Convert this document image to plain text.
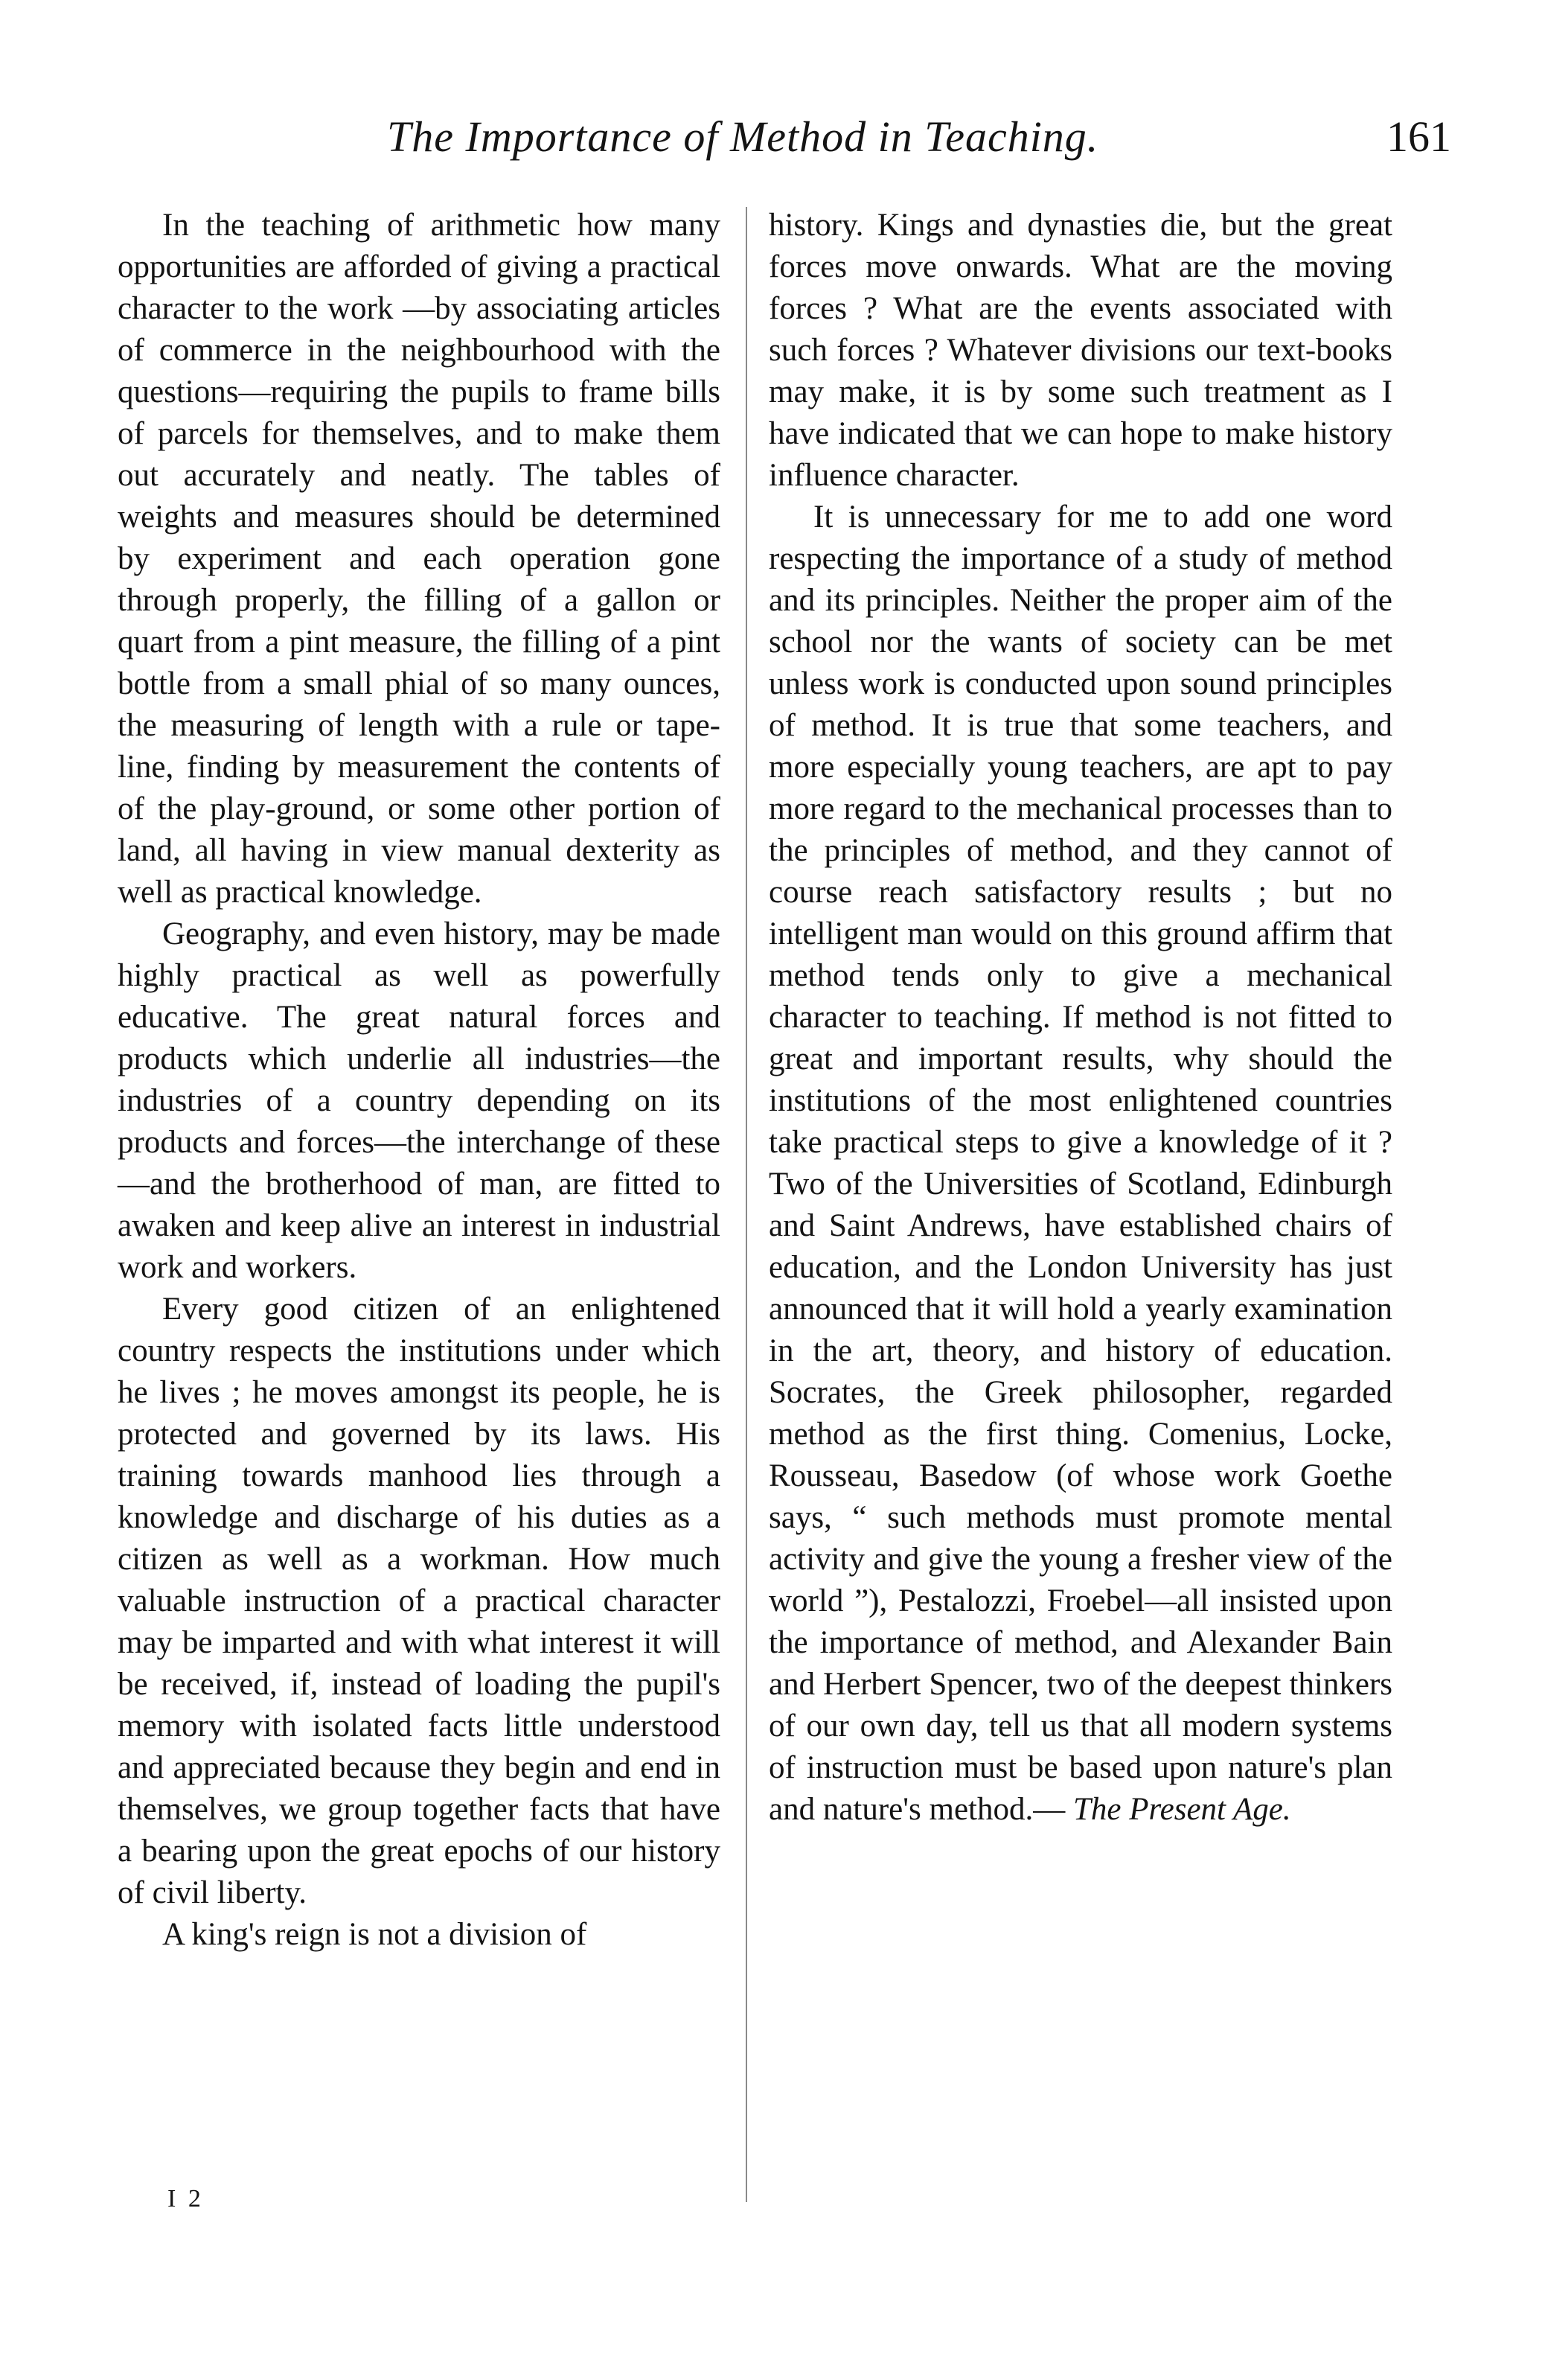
The Importance of Method in Teaching.	161

In the teaching of arithmetic how many opportunities are afforded of giving a practical character to the work —by associating articles of commerce in the neighbourhood with the questions—requiring the pupils to frame bills of parcels for themselves, and to make them out accurately and neatly. The tables of weights and measures should be determined by experiment and each operation gone through properly, the filling of a gallon or quart from a pint measure, the filling of a pint bottle from a small phial of so many ounces, the measuring of length with a rule or tape-line, finding by measurement the contents of of the play-ground, or some other portion of land, all having in view manual dexterity as well as practical knowledge.

Geography, and even history, may be made highly practical as well as powerfully educative. The great natural forces and products which underlie all industries—the industries of a country depending on its products and forces—the interchange of these —and the brotherhood of man, are fitted to awaken and keep alive an interest in industrial work and workers.

Every good citizen of an enlightened country respects the institutions under which he lives ; he moves amongst its people, he is protected and governed by its laws. His training towards manhood lies through a knowledge and discharge of his duties as a citizen as well as a workman. How much valuable instruction of a practical character may be imparted and with what interest it will be received, if, instead of loading the pupil's memory with isolated facts little understood and appreciated because they begin and end in themselves, we group together facts that have a bearing upon the great epochs of our history of civil liberty.

A king's reign is not a division of

history. Kings and dynasties die, but the great forces move onwards. What are the moving forces ? What are the events associated with such forces ? Whatever divisions our text-books may make, it is by some such treatment as I have indicated that we can hope to make history influence character.

It is unnecessary for me to add one word respecting the importance of a study of method and its principles. Neither the proper aim of the school nor the wants of society can be met unless work is conducted upon sound principles of method. It is true that some teachers, and more especially young teachers, are apt to pay more regard to the mechanical processes than to the principles of method, and they cannot of course reach satisfactory results ; but no intelligent man would on this ground affirm that method tends only to give a mechanical character to teaching. If method is not fitted to great and important results, why should the institutions of the most enlightened countries take practical steps to give a knowledge of it ? Two of the Universities of Scotland, Edinburgh and Saint Andrews, have established chairs of education, and the London University has just announced that it will hold a yearly examination in the art, theory, and history of education. Socrates, the Greek philosopher, regarded method as the first thing. Comenius, Locke, Rousseau, Basedow (of whose work Goethe says, “ such methods must promote mental activity and give the young a fresher view of the world ”), Pestalozzi, Froebel—all insisted upon the importance of method, and Alexander Bain and Herbert Spencer, two of the deepest thinkers of our own day, tell us that all modern systems of instruction must be based upon nature's plan and nature's method.— The Present Age.

I 2
